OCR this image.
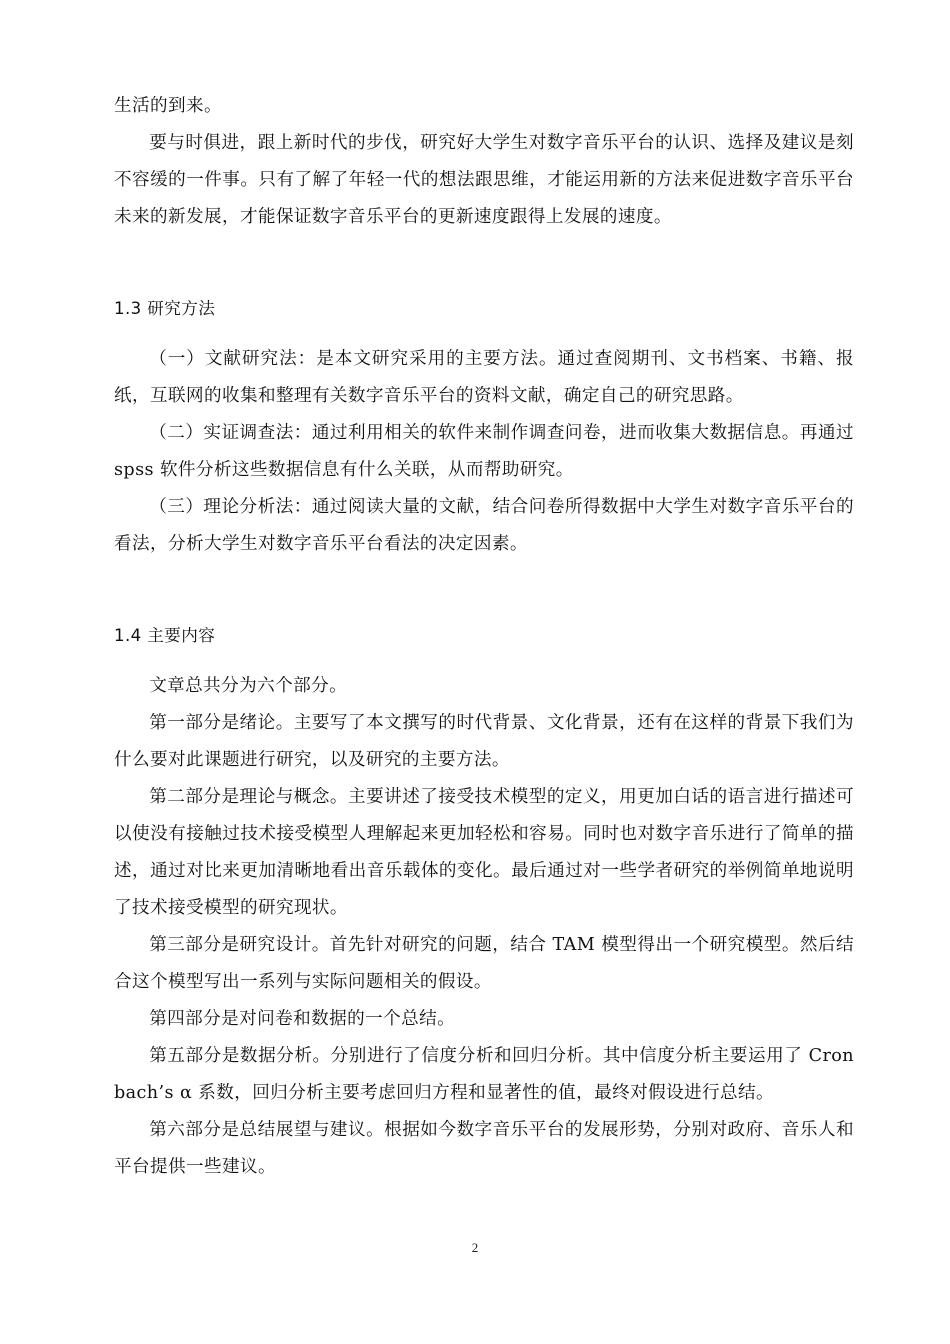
生活的到来。

要与时俱进，跟上新时代的步伐，研究好大学生对数字音乐平台的认识、选择及建议是刻不容缓的一件事。只有了解了年轻一代的想法跟思维，才能运用新的方法来促进数字音乐平台未来的新发展，才能保证数字音乐平台的更新速度跟得上发展的速度。

1.3 研究方法

（一）文献研究法：是本文研究采用的主要方法。通过查阅期刊、文书档案、书籍、报纸，互联网的收集和整理有关数字音乐平台的资料文献，确定自己的研究思路。

（二）实证调查法：通过利用相关的软件来制作调查问卷，进而收集大数据信息。再通过 spss 软件分析这些数据信息有什么关联，从而帮助研究。

（三）理论分析法：通过阅读大量的文献，结合问卷所得数据中大学生对数字音乐平台的看法，分析大学生对数字音乐平台看法的决定因素。

1.4 主要内容

文章总共分为六个部分。

第一部分是绪论。主要写了本文撰写的时代背景、文化背景，还有在这样的背景下我们为什么要对此课题进行研究，以及研究的主要方法。

第二部分是理论与概念。主要讲述了接受技术模型的定义，用更加白话的语言进行描述可以使没有接触过技术接受模型人理解起来更加轻松和容易。同时也对数字音乐进行了简单的描述，通过对比来更加清晰地看出音乐载体的变化。最后通过对一些学者研究的举例简单地说明了技术接受模型的研究现状。

第三部分是研究设计。首先针对研究的问题，结合 TAM 模型得出一个研究模型。然后结合这个模型写出一系列与实际问题相关的假设。

第四部分是对问卷和数据的一个总结。

第五部分是数据分析。分别进行了信度分析和回归分析。其中信度分析主要运用了 Cronbach’s α 系数，回归分析主要考虑回归方程和显著性的值，最终对假设进行总结。

第六部分是总结展望与建议。根据如今数字音乐平台的发展形势，分别对政府、音乐人和平台提供一些建议。

2
